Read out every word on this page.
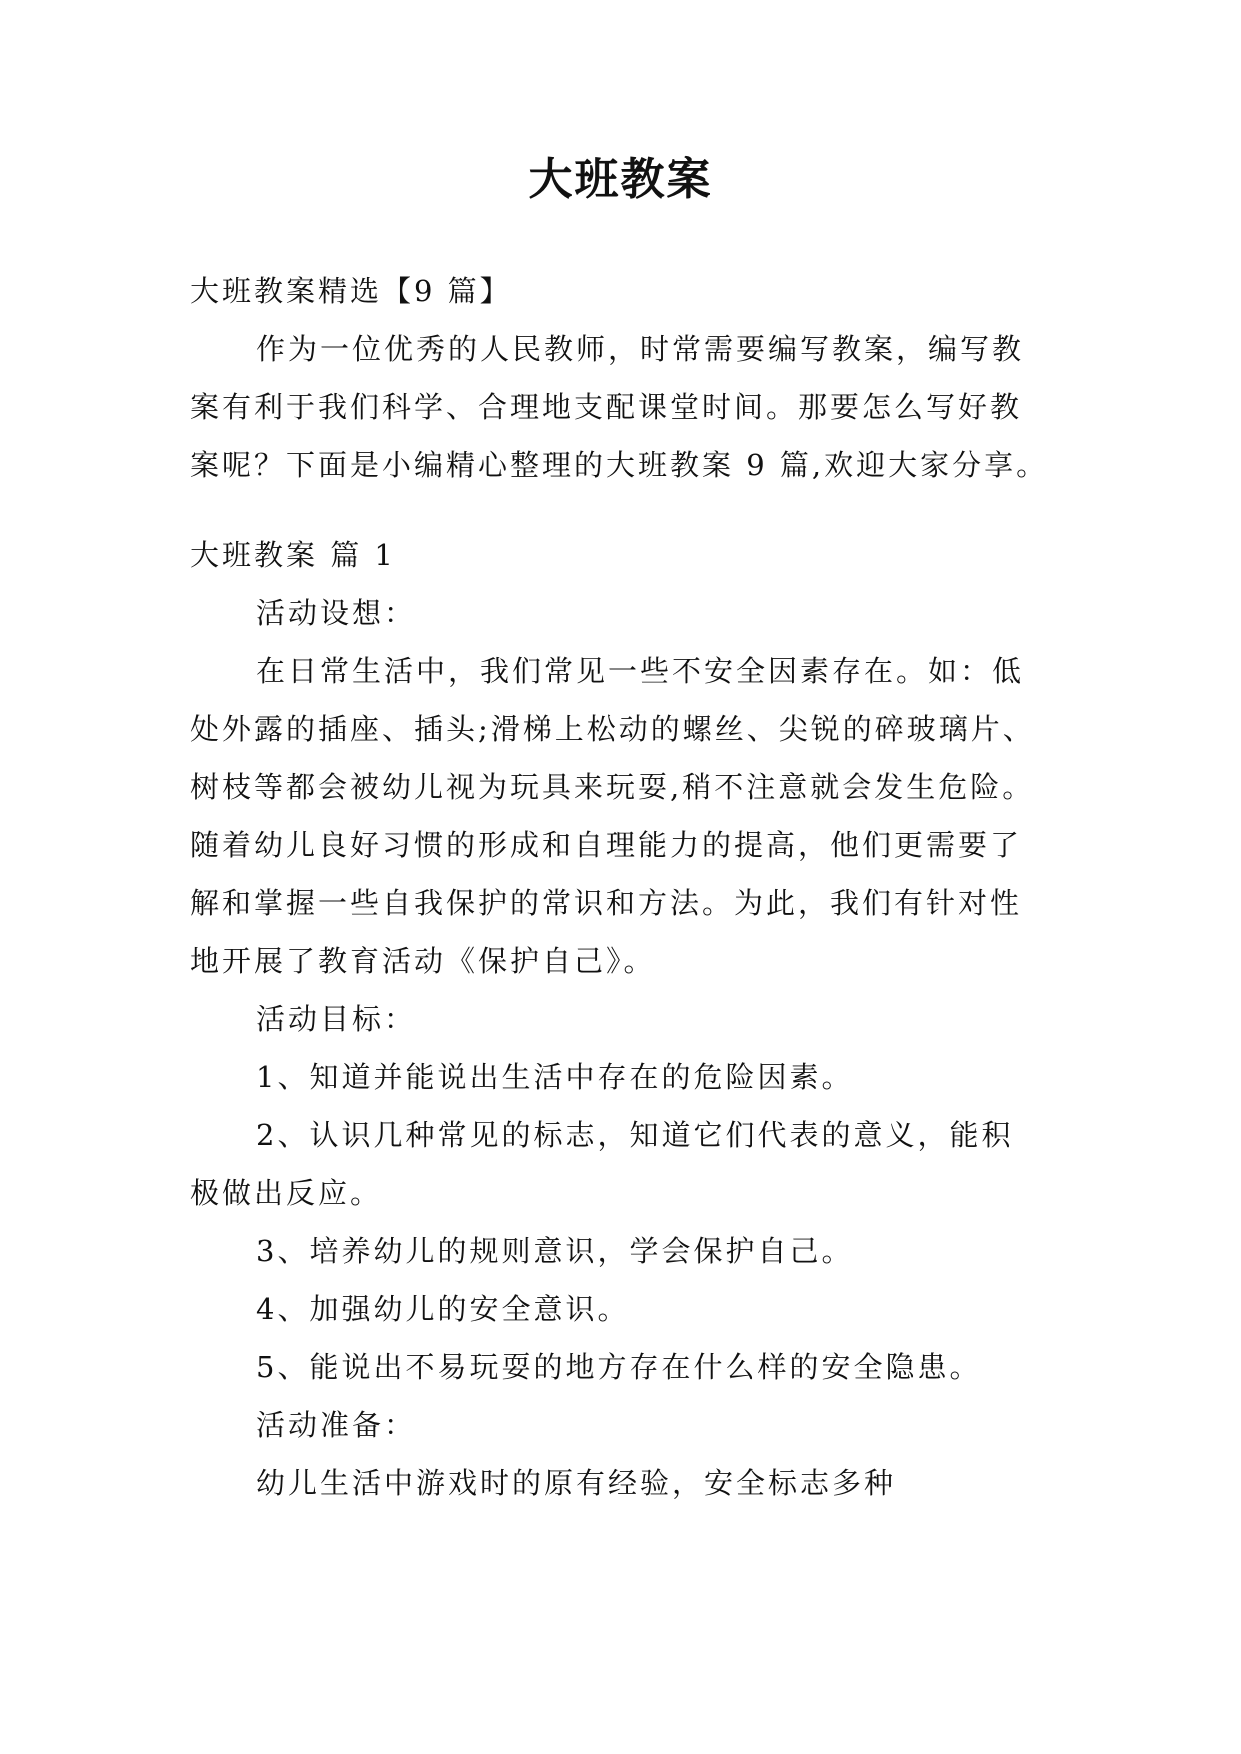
大班教案

大班教案精选【9 篇】

作为一位优秀的人民教师，时常需要编写教案，编写教

案有利于我们科学、合理地支配课堂时间。那要怎么写好教

案呢？下面是小编精心整理的大班教案 9 篇,欢迎大家分享。

大班教案 篇 1

活动设想：

在日常生活中，我们常见一些不安全因素存在。如：低

处外露的插座、插头;滑梯上松动的螺丝、尖锐的碎玻璃片、

树枝等都会被幼儿视为玩具来玩耍,稍不注意就会发生危险。

随着幼儿良好习惯的形成和自理能力的提高，他们更需要了

解和掌握一些自我保护的常识和方法。为此，我们有针对性

地开展了教育活动《保护自己》。

活动目标：

1、知道并能说出生活中存在的危险因素。

2、认识几种常见的标志，知道它们代表的意义，能积

极做出反应。

3、培养幼儿的规则意识，学会保护自己。

4、加强幼儿的安全意识。

5、能说出不易玩耍的地方存在什么样的安全隐患。

活动准备：

幼儿生活中游戏时的原有经验，安全标志多种
